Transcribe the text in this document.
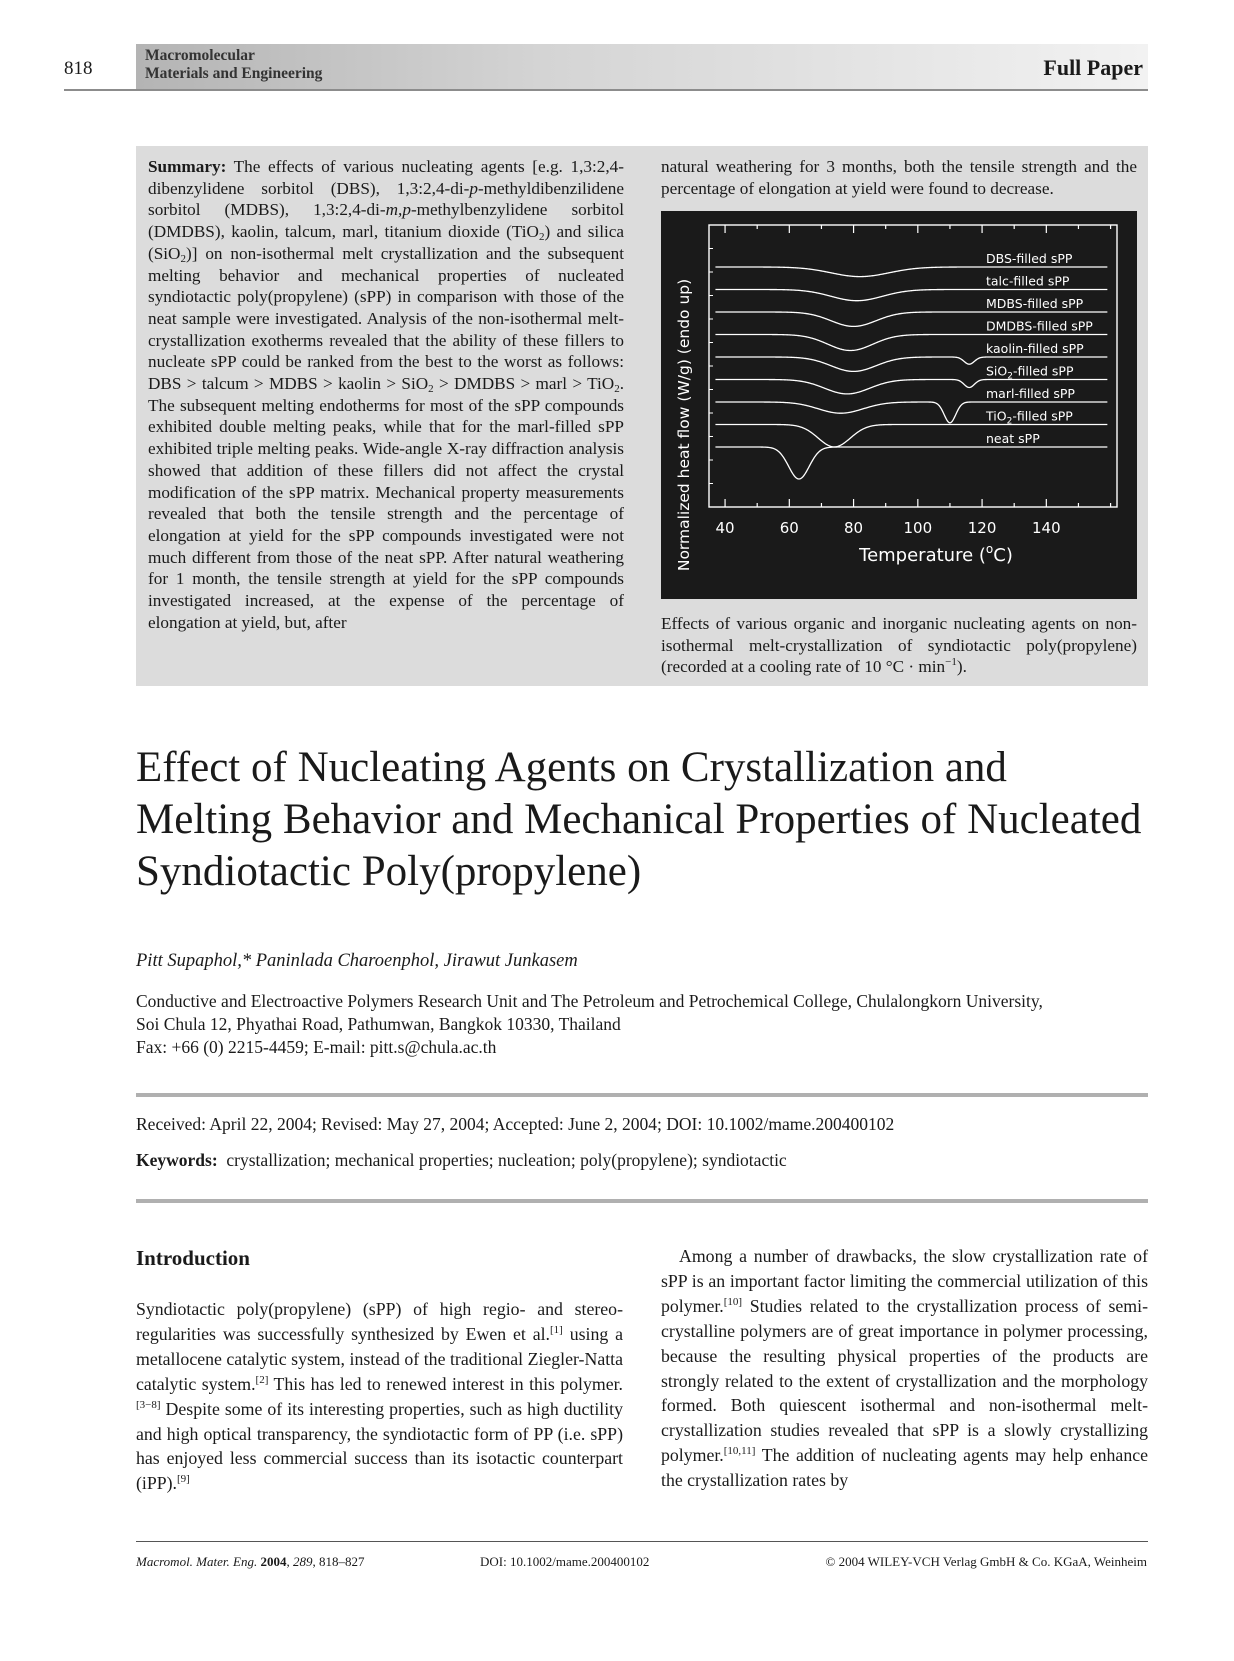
818
Macromolecular
Materials and Engineering	Full Paper
Summary: The effects of various nucleating agents [e.g. 1,3:2,4-dibenzylidene sorbitol (DBS), 1,3:2,4-di-p-methyldibenzilidene sorbitol (MDBS), 1,3:2,4-di-m,p-methylbenzylidene sorbitol (DMDBS), kaolin, talcum, marl, titanium dioxide (TiO$_2$) and silica (SiO$_2$)] on non-isothermal melt crystallization and the subsequent melting behavior and mechanical properties of nucleated syndiotactic poly(propylene) (sPP) in comparison with those of the neat sample were investigated. Analysis of the non-isothermal melt-crystallization exotherms revealed that the ability of these fillers to nucleate sPP could be ranked from the best to the worst as follows: DBS > talcum > MDBS > kaolin > SiO$_2$ > DMDBS > marl > TiO$_2$. The subsequent melting endotherms for most of the sPP compounds exhibited double melting peaks, while that for the marl-filled sPP exhibited triple melting peaks. Wide-angle X-ray diffraction analysis showed that addition of these fillers did not affect the crystal modification of the sPP matrix. Mechanical property measurements revealed that both the tensile strength and the percentage of elongation at yield for the sPP compounds investigated were not much different from those of the neat sPP. After natural weathering for 1 month, the tensile strength at yield for the sPP compounds investigated increased, at the expense of the percentage of elongation at yield, but, after
natural weathering for 3 months, both the tensile strength and the percentage of elongation at yield were found to decrease.
40	60	80	100 120 140
DBS-filled sPP
talc-filled sPP
MDBS-filled sPP
DMDBS-filled sPP
kaolin-filled sPP
SiO$_2$-filled sPP
marl-filled sPP
TiO$_2$-filled sPP
neat sPP
Temperature ($^o$C)
Normalized heat flow (W/g) (endo up)
Effects of various organic and inorganic nucleating agents on non-isothermal melt-crystallization of syndiotactic poly(propylene) (recorded at a cooling rate of 10 $^\circ C \cdot \min^{-1}$).
Effect of Nucleating Agents on Crystallization and Melting Behavior and Mechanical Properties of Nucleated Syndiotactic Poly(propylene)
Pitt Supaphol,* Paninlada Charoenphol, Jirawut Junkasem
Conductive and Electroactive Polymers Research Unit and The Petroleum and Petrochemical College, Chulalongkorn University,
Soi Chula 12, Phyathai Road, Pathumwan, Bangkok 10330, Thailand
Fax: +66 (0) 2215-4459; E-mail: pitt.s@chula.ac.th
Received: April 22, 2004; Revised: May 27, 2004; Accepted: June 2, 2004; DOI: 10.1002/mame.200400102
Keywords: crystallization; mechanical properties; nucleation; poly(propylene); syndiotactic
Introduction
Syndiotactic poly(propylene) (sPP) of high regio- and stereo-regularities was successfully synthesized by Ewen et al.[1] using a metallocene catalytic system, instead of the traditional Ziegler-Natta catalytic system.[2] This has led to renewed interest in this polymer.[3−8] Despite some of its interesting properties, such as high ductility and high optical transparency, the syndiotactic form of PP (i.e. sPP) has enjoyed less commercial success than its isotactic counterpart (iPP).[9]
Among a number of drawbacks, the slow crystallization rate of sPP is an important factor limiting the commercial utilization of this polymer.[10] Studies related to the crystallization process of semi-crystalline polymers are of great importance in polymer processing, because the resulting physical properties of the products are strongly related to the extent of crystallization and the morphology formed. Both quiescent isothermal and non-isothermal melt-crystallization studies revealed that sPP is a slowly crystallizing polymer.[10,11] The addition of nucleating agents may help enhance the crystallization rates by
Macromol. Mater. Eng. 2004, 289, 818–827	DOI: 10.1002/mame.200400102	© 2004 WILEY-VCH Verlag GmbH & Co. KGaA, Weinheim
